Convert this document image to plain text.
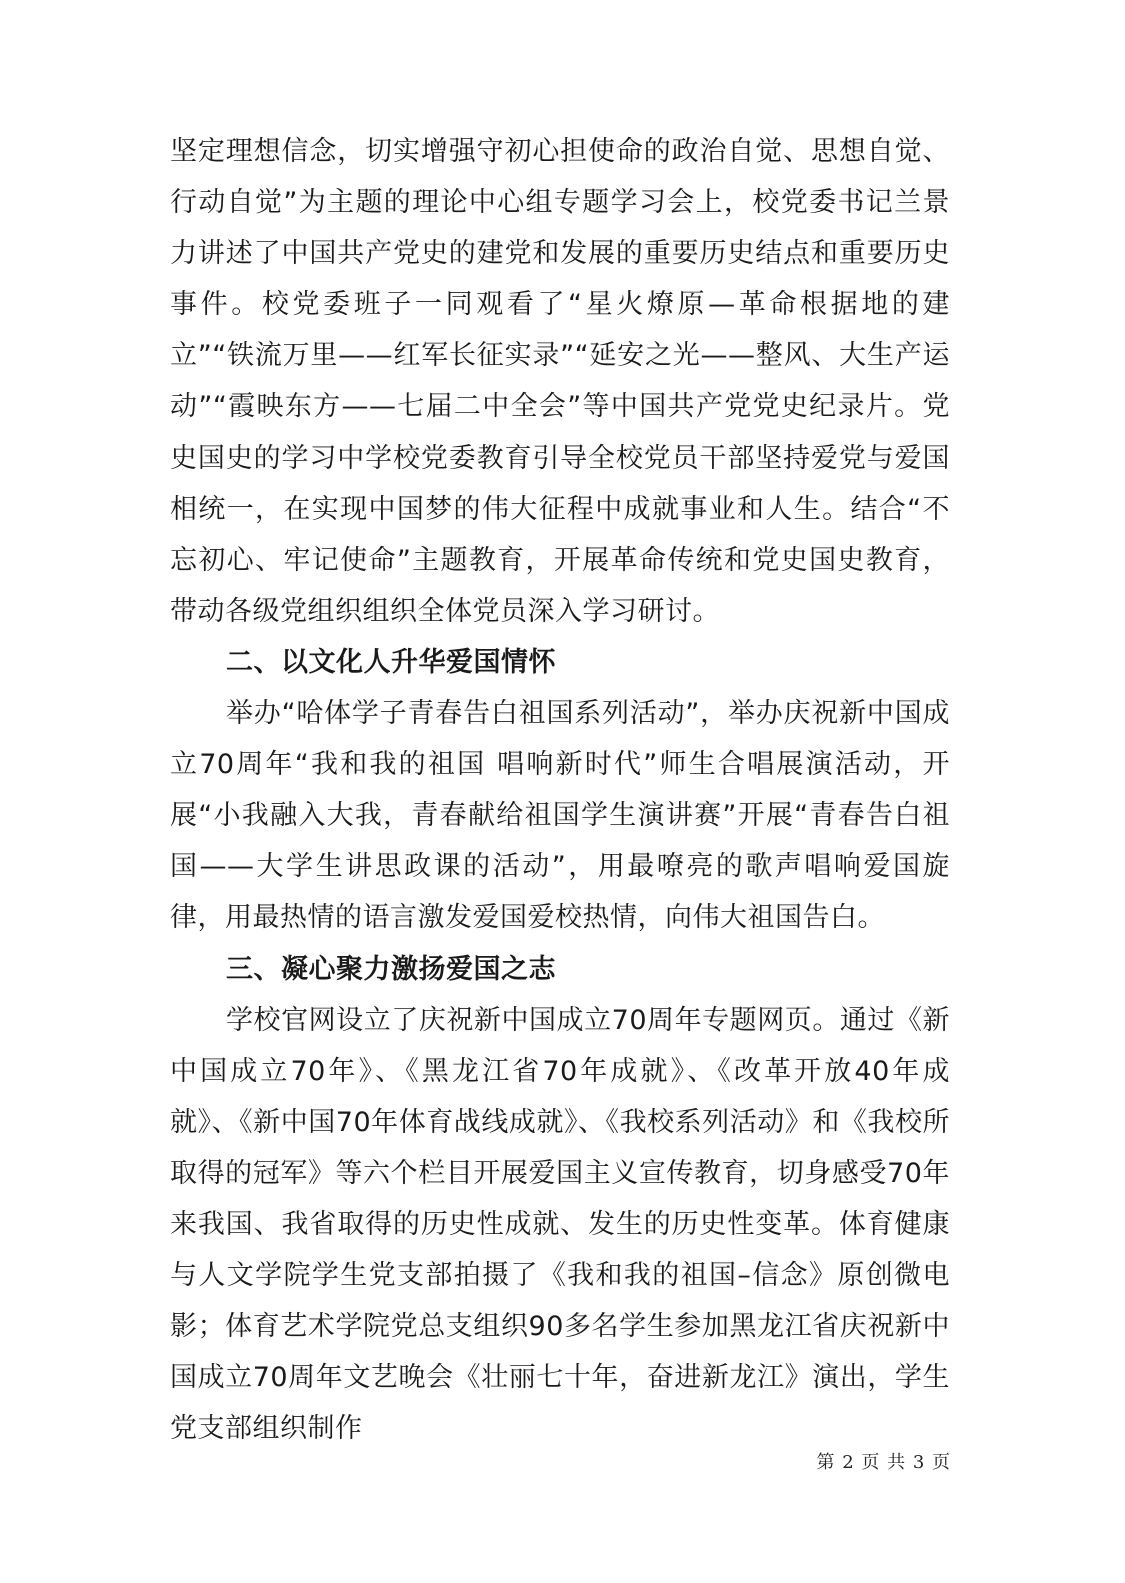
坚定理想信念，切实增强守初心担使命的政治自觉、思想自觉、行动自觉”为主题的理论中心组专题学习会上，校党委书记兰景力讲述了中国共产党史的建党和发展的重要历史结点和重要历史事件。校党委班子一同观看了“星火燎原—革命根据地的建立”“铁流万里——红军长征实录”“延安之光——整风、大生产运动”“霞映东方——七届二中全会”等中国共产党党史纪录片。党史国史的学习中学校党委教育引导全校党员干部坚持爱党与爱国相统一，在实现中国梦的伟大征程中成就事业和人生。结合“不忘初心、牢记使命”主题教育，开展革命传统和党史国史教育，带动各级党组织组织全体党员深入学习研讨。

二、以文化人升华爱国情怀

举办“哈体学子青春告白祖国系列活动”，举办庆祝新中国成立70周年“我和我的祖国 唱响新时代”师生合唱展演活动，开展“小我融入大我，青春献给祖国学生演讲赛”开展“青春告白祖国——大学生讲思政课的活动”，用最嘹亮的歌声唱响爱国旋律，用最热情的语言激发爱国爱校热情，向伟大祖国告白。

三、凝心聚力激扬爱国之志

学校官网设立了庆祝新中国成立70周年专题网页。通过《新中国成立70年》、《黑龙江省70年成就》、《改革开放40年成就》、《新中国70年体育战线成就》、《我校系列活动》和《我校所取得的冠军》等六个栏目开展爱国主义宣传教育，切身感受70年来我国、我省取得的历史性成就、发生的历史性变革。体育健康与人文学院学生党支部拍摄了《我和我的祖国–信念》原创微电影；体育艺术学院党总支组织90多名学生参加黑龙江省庆祝新中国成立70周年文艺晚会《壮丽七十年，奋进新龙江》演出，学生党支部组织制作

第 2 页 共 3 页
